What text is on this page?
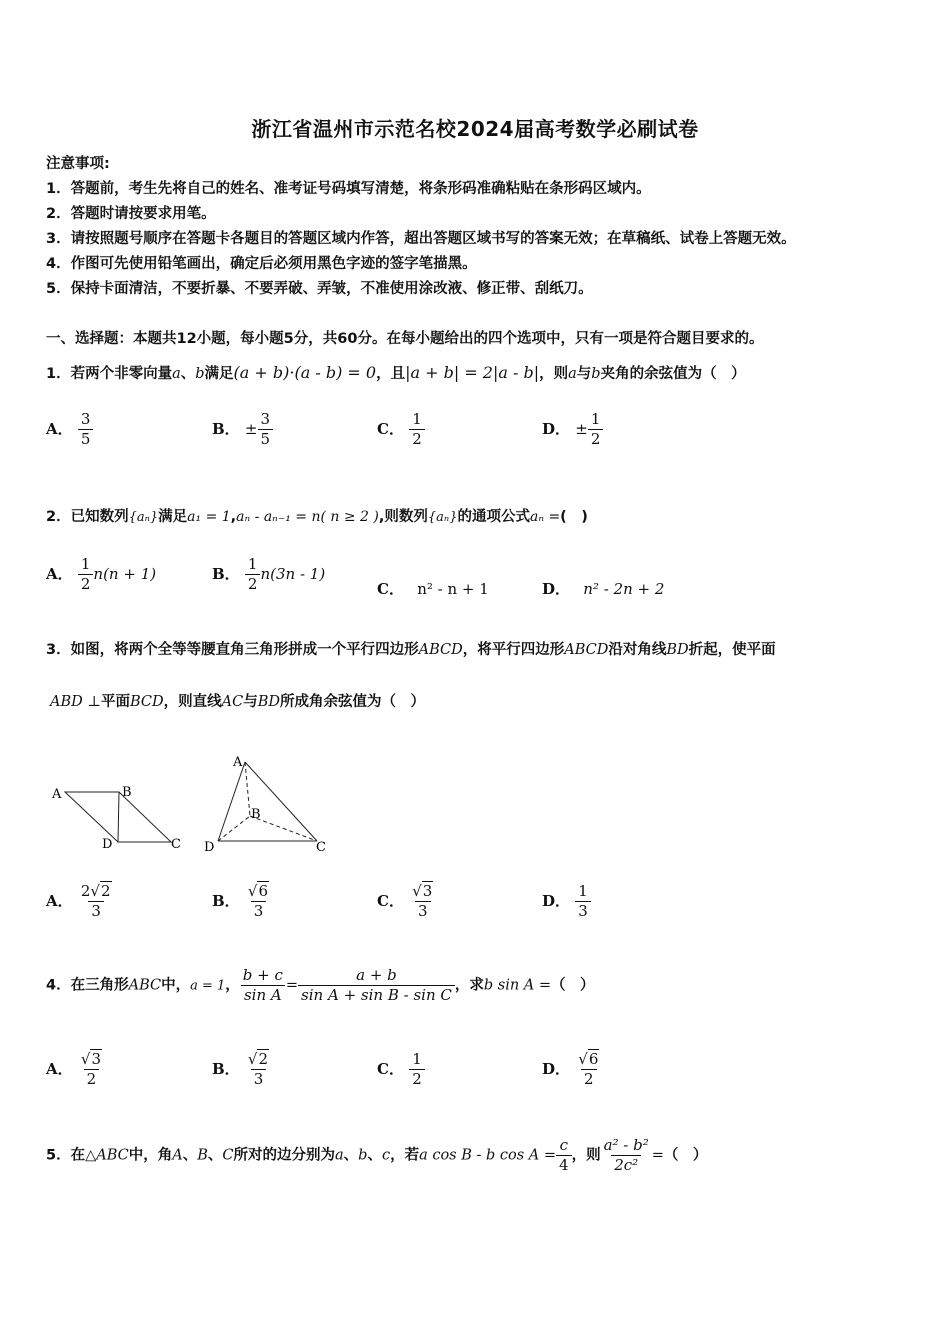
浙江省温州市示范名校2024届高考数学必刷试卷
注意事项:
1．答题前，考生先将自己的姓名、准考证号码填写清楚，将条形码准确粘贴在条形码区域内。
2．答题时请按要求用笔。
3．请按照题号顺序在答题卡各题目的答题区域内作答，超出答题区域书写的答案无效；在草稿纸、试卷上答题无效。
4．作图可先使用铅笔画出，确定后必须用黑色字迹的签字笔描黑。
5．保持卡面清洁，不要折暴、不要弄破、弄皱，不准使用涂改液、修正带、刮纸刀。
一、选择题：本题共12小题，每小题5分，共60分。在每小题给出的四个选项中，只有一项是符合题目要求的。
1．若两个非零向量a、b满足(a + b)·(a - b) = 0，且|a + b| = 2|a - b|，则a与b夹角的余弦值为（　）
A． $\frac{3}{5}$	B． ± $\frac{3}{5}$	C． $\frac{1}{2}$	D． ± $\frac{1}{2}$
2．已知数列{aₙ}满足a₁ = 1,aₙ - aₙ₋₁ = n( n ≥ 2 ),则数列{aₙ}的通项公式aₙ =(　)
A． $\frac{1}{2} n(n + 1)$	B． $\frac{1}{2} n(3n - 1)$
C． n² - n + 1	D． n² - 2n + 2
3．如图，将两个全等等腰直角三角形拼成一个平行四边形ABCD，将平行四边形ABCD沿对角线BD折起，使平面
ABD ⊥平面BCD，则直线AC与BD所成角余弦值为（　）
A	B
D	C
A
B
D	C
A． $\frac{2√2}{3}$	B． $\frac{√6}{3}$	C． $\frac{√3}{3}$	D． $\frac{1}{3}$
4．在三角形ABC中，a = 1， $\frac{b + c}{\text{sin A}} = \frac{a + b}{\text{sin A + sin B - sin C}}$ ，求b sin A =（　）
A． $\frac{√3}{2}$	B． $\frac{√2}{3}$	C． $\frac{1}{2}$	D． $\frac{√6}{2}$
5．在△ABC中，角A、B、C所对的边分别为a、b、c，若a cos B - b $\cos A = \frac{c}{4}$ ，则 $\frac{\text{a² - b²}}{\text{2c²}}$ =（　）
